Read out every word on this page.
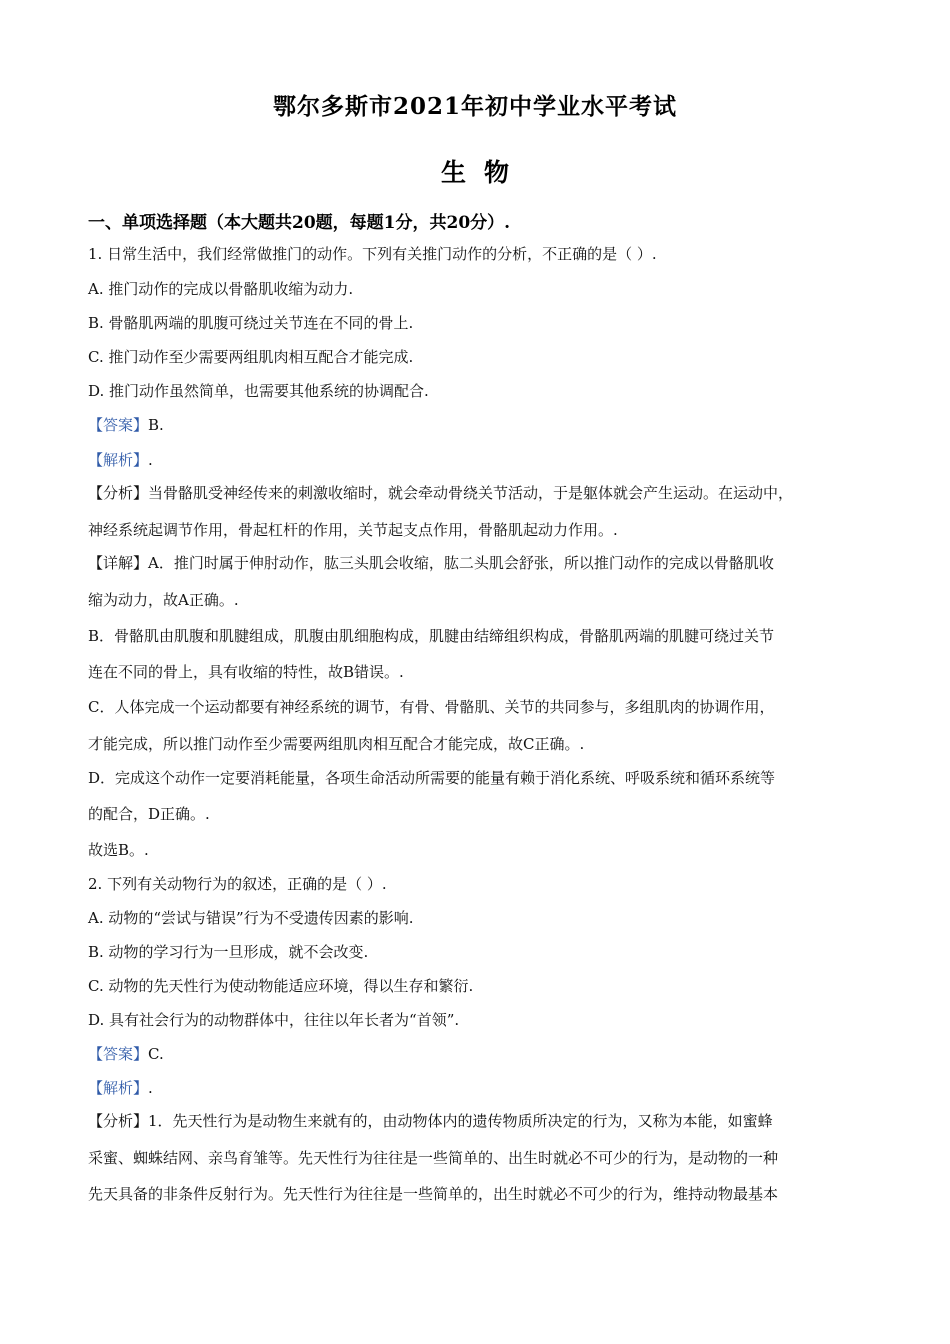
鄂尔多斯市2021年初中学业水平考试
生物
一、单项选择题（本大题共20题，每题1分，共20分）.
1. 日常生活中，我们经常做推门的动作。下列有关推门动作的分析，不正确的是（ ）.
A. 推门动作的完成以骨骼肌收缩为动力.
B. 骨骼肌两端的肌腹可绕过关节连在不同的骨上.
C. 推门动作至少需要两组肌肉相互配合才能完成.
D. 推门动作虽然简单，也需要其他系统的协调配合.
【答案】B.
【解析】.
【分析】当骨骼肌受神经传来的刺激收缩时，就会牵动骨绕关节活动，于是躯体就会产生运动。在运动中，
神经系统起调节作用，骨起杠杆的作用，关节起支点作用，骨骼肌起动力作用。.
【详解】A．推门时属于伸肘动作，肱三头肌会收缩，肱二头肌会舒张，所以推门动作的完成以骨骼肌收
缩为动力，故A正确。.
B．骨骼肌由肌腹和肌腱组成，肌腹由肌细胞构成，肌腱由结缔组织构成，骨骼肌两端的肌腱可绕过关节
连在不同的骨上，具有收缩的特性，故B错误。.
C．人体完成一个运动都要有神经系统的调节，有骨、骨骼肌、关节的共同参与，多组肌肉的协调作用，
才能完成，所以推门动作至少需要两组肌肉相互配合才能完成，故C正确。.
D．完成这个动作一定要消耗能量，各项生命活动所需要的能量有赖于消化系统、呼吸系统和循环系统等
的配合，D正确。.
故选B。.
2. 下列有关动物行为的叙述，正确的是（ ）.
A. 动物的“尝试与错误”行为不受遗传因素的影响.
B. 动物的学习行为一旦形成，就不会改变.
C. 动物的先天性行为使动物能适应环境，得以生存和繁衍.
D. 具有社会行为的动物群体中，往往以年长者为“首领”.
【答案】C.
【解析】.
【分析】1．先天性行为是动物生来就有的，由动物体内的遗传物质所决定的行为，又称为本能，如蜜蜂
采蜜、蜘蛛结网、亲鸟育雏等。先天性行为往往是一些简单的、出生时就必不可少的行为，是动物的一种
先天具备的非条件反射行为。先天性行为往往是一些简单的，出生时就必不可少的行为，维持动物最基本
